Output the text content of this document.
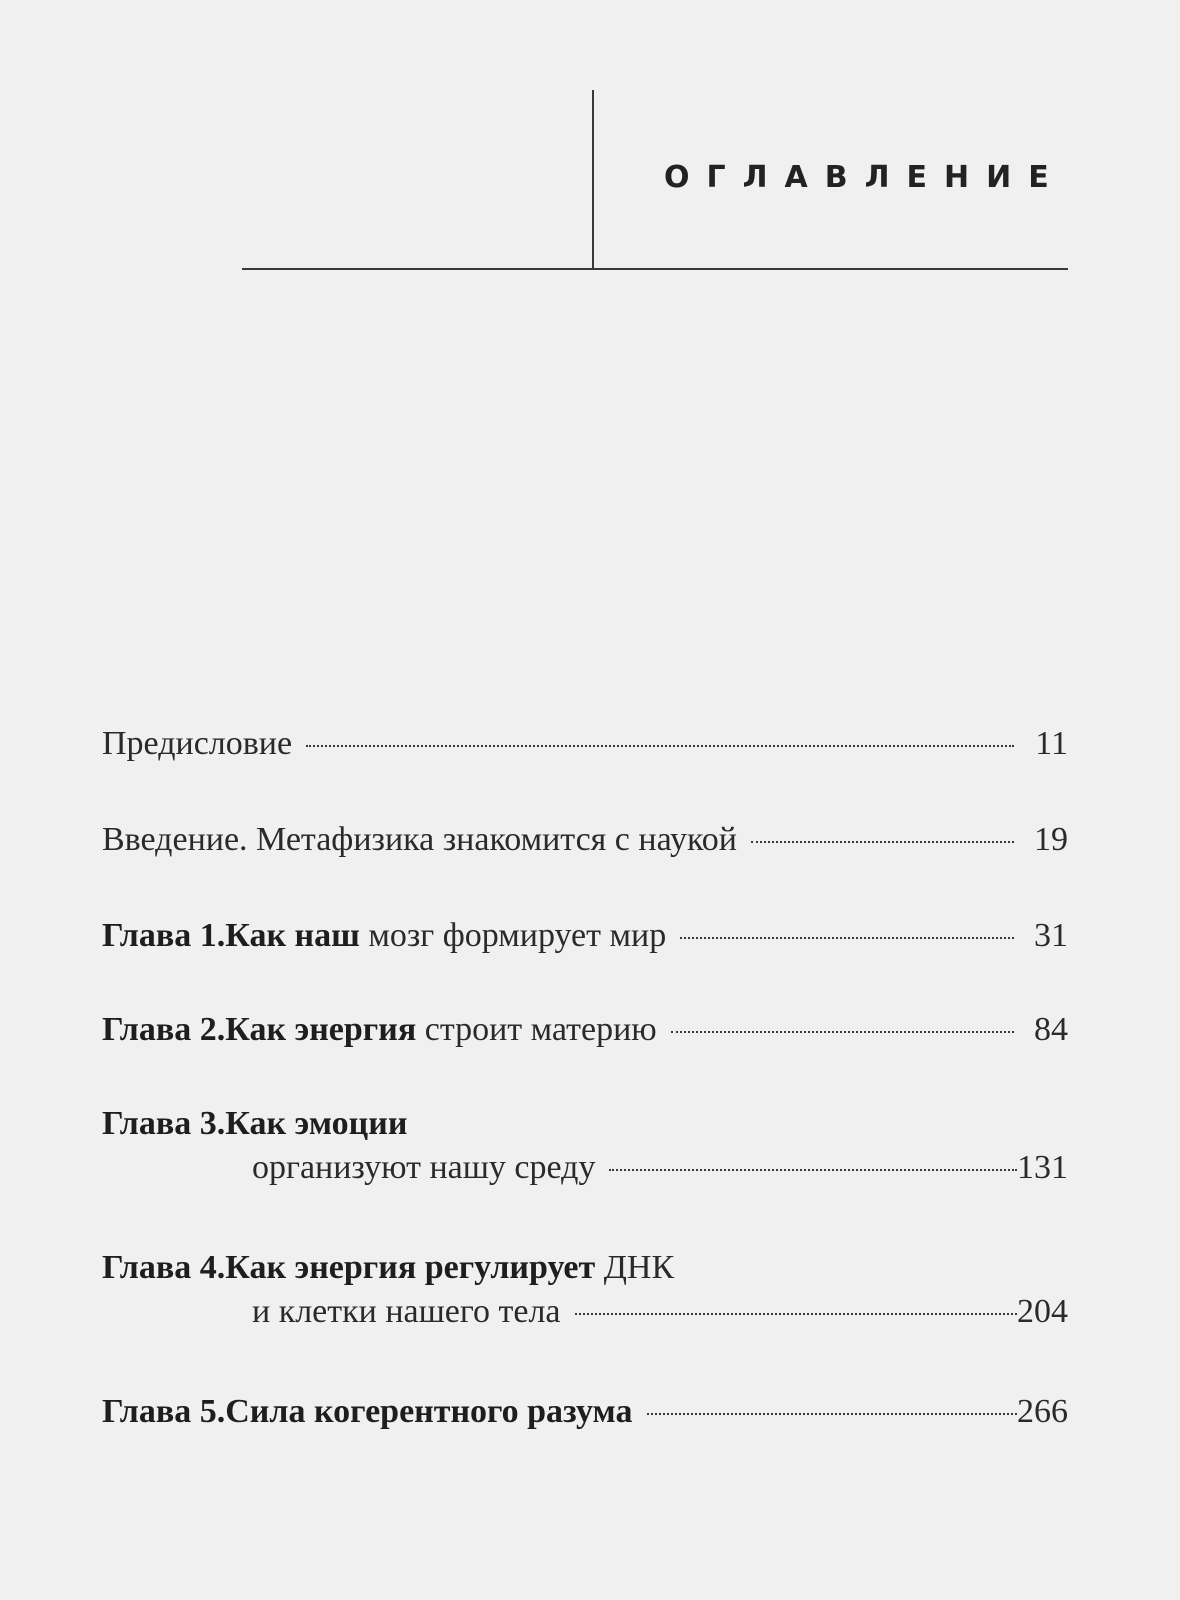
ОГЛАВЛЕНИЕ
Предисловие	11
Введение. Метафизика знакомится с наукой	19
Глава 1.Как наш мозг формирует мир	31
Глава 2.Как энергия строит материю	84
Глава 3.Как эмоции
организуют нашу среду	131
Глава 4.Как энергия регулирует ДНК
и клетки нашего тела	204
Глава 5.Сила когерентного разума	266
